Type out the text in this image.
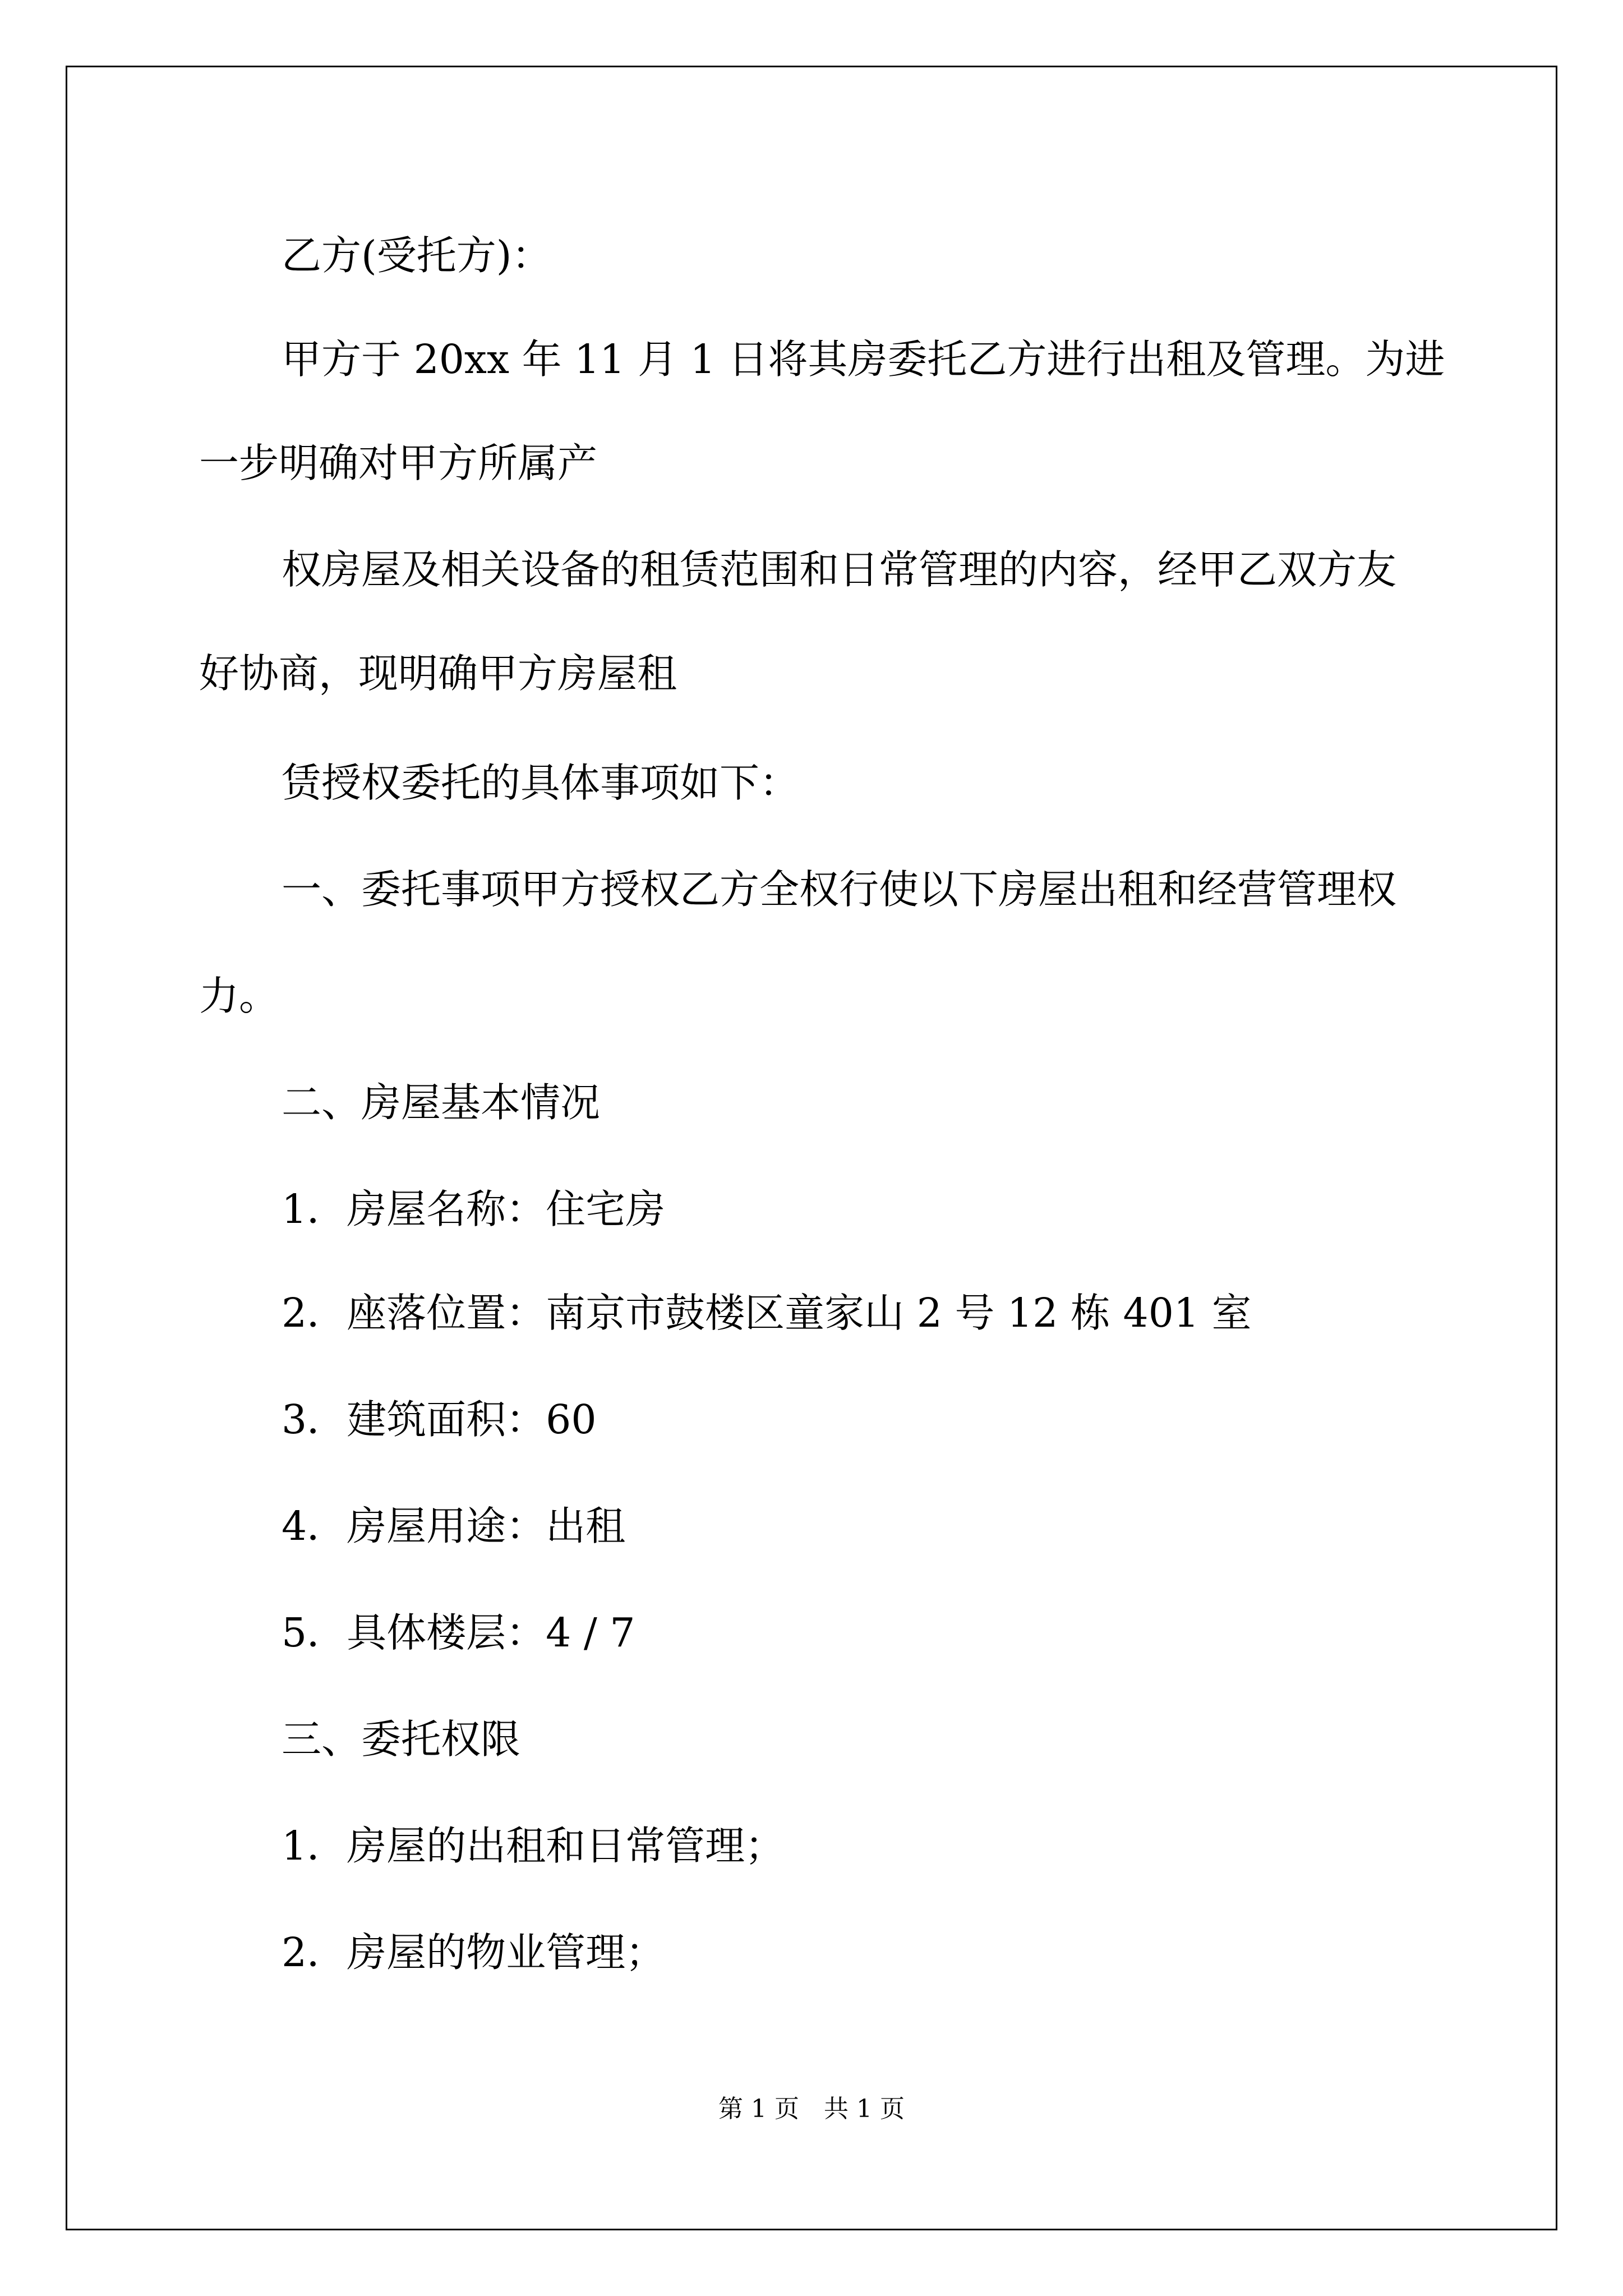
乙方(受托方)：
甲方于 20xx 年 11 月 1 日将其房委托乙方进行出租及管理。为进
一步明确对甲方所属产
权房屋及相关设备的租赁范围和日常管理的内容，经甲乙双方友
好协商，现明确甲方房屋租
赁授权委托的具体事项如下：
一、委托事项甲方授权乙方全权行使以下房屋出租和经营管理权
力。
二、房屋基本情况
1．房屋名称：住宅房
2．座落位置：南京市鼓楼区童家山 2 号 12 栋 401 室
3．建筑面积：60
4．房屋用途：出租
5．具体楼层：4 / 7
三、委托权限
1．房屋的出租和日常管理；
2．房屋的物业管理；
第 1 页　共 1 页
